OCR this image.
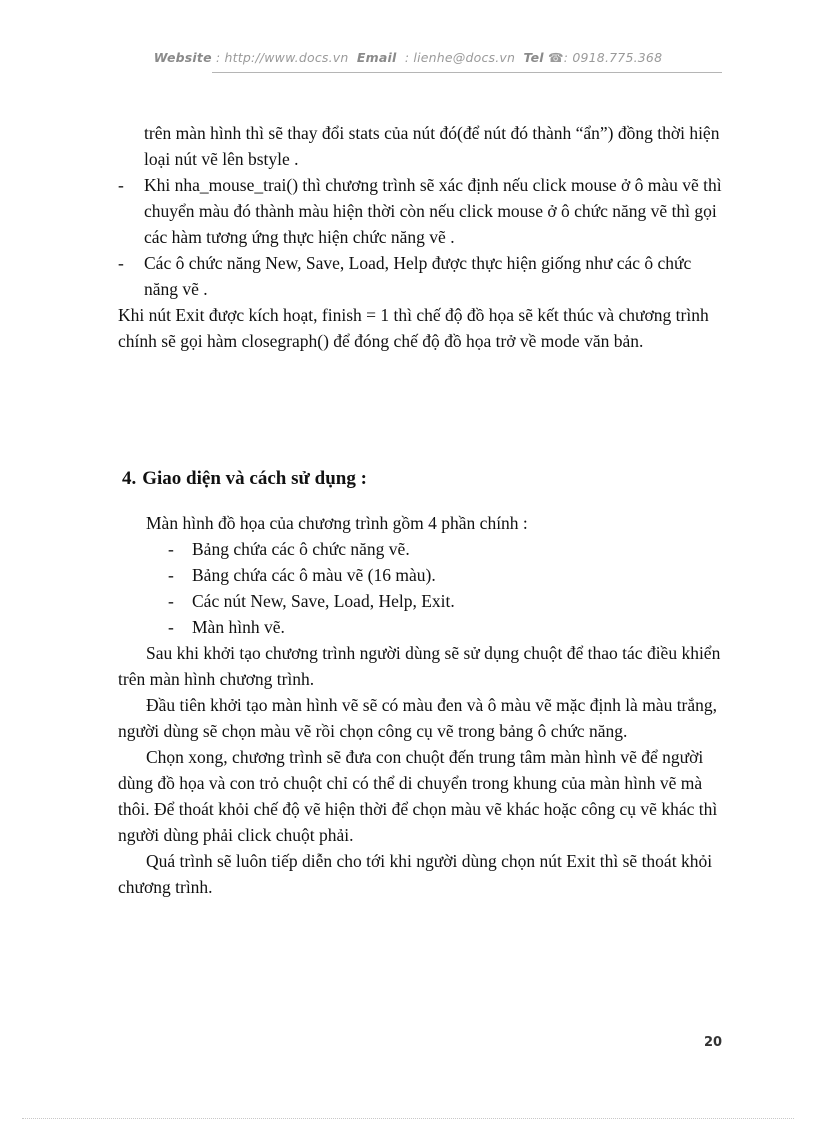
Website : http://www.docs.vn Email : lienhe@docs.vn Tel ☎: 0918.775.368

trên màn hình thì sẽ thay đổi stats của nút đó(để nút đó thành “ẩn”) đồng thời hiện loại nút vẽ lên bstyle .

-	Khi nha_mouse_trai() thì chương trình sẽ xác định nếu click mouse ở ô màu vẽ thì chuyển màu đó thành màu hiện thời còn nếu click mouse ở ô chức năng vẽ thì gọi các hàm tương ứng thực hiện chức năng vẽ .
-	Các ô chức năng New, Save, Load, Help được thực hiện giống như các ô chức năng vẽ .

Khi nút Exit được kích hoạt, finish = 1 thì chế độ đồ họa sẽ kết thúc và chương trình chính sẽ gọi hàm closegraph() để đóng chế độ đồ họa trở về mode văn bản.

4. Giao diện và cách sử dụng :

Màn hình đồ họa của chương trình gồm 4 phần chính :

- Bảng chứa các ô chức năng vẽ.
- Bảng chứa các ô màu vẽ (16 màu).
- Các nút New, Save, Load, Help, Exit.
- Màn hình vẽ.

Sau khi khởi tạo chương trình người dùng sẽ sử dụng chuột để thao tác điều khiển trên màn hình chương trình.

Đầu tiên khởi tạo màn hình vẽ sẽ có màu đen và ô màu vẽ mặc định là màu trắng, người dùng sẽ chọn màu vẽ rồi chọn công cụ vẽ trong bảng ô chức năng.

Chọn xong, chương trình sẽ đưa con chuột đến trung tâm màn hình vẽ để người dùng đồ họa và con trỏ chuột chỉ có thể di chuyển trong khung của màn hình vẽ mà thôi. Để thoát khỏi chế độ vẽ hiện thời để chọn màu vẽ khác hoặc công cụ vẽ khác thì người dùng phải click chuột phải.

Quá trình sẽ luôn tiếp diễn cho tới khi người dùng chọn nút Exit thì sẽ thoát khỏi chương trình.

20
